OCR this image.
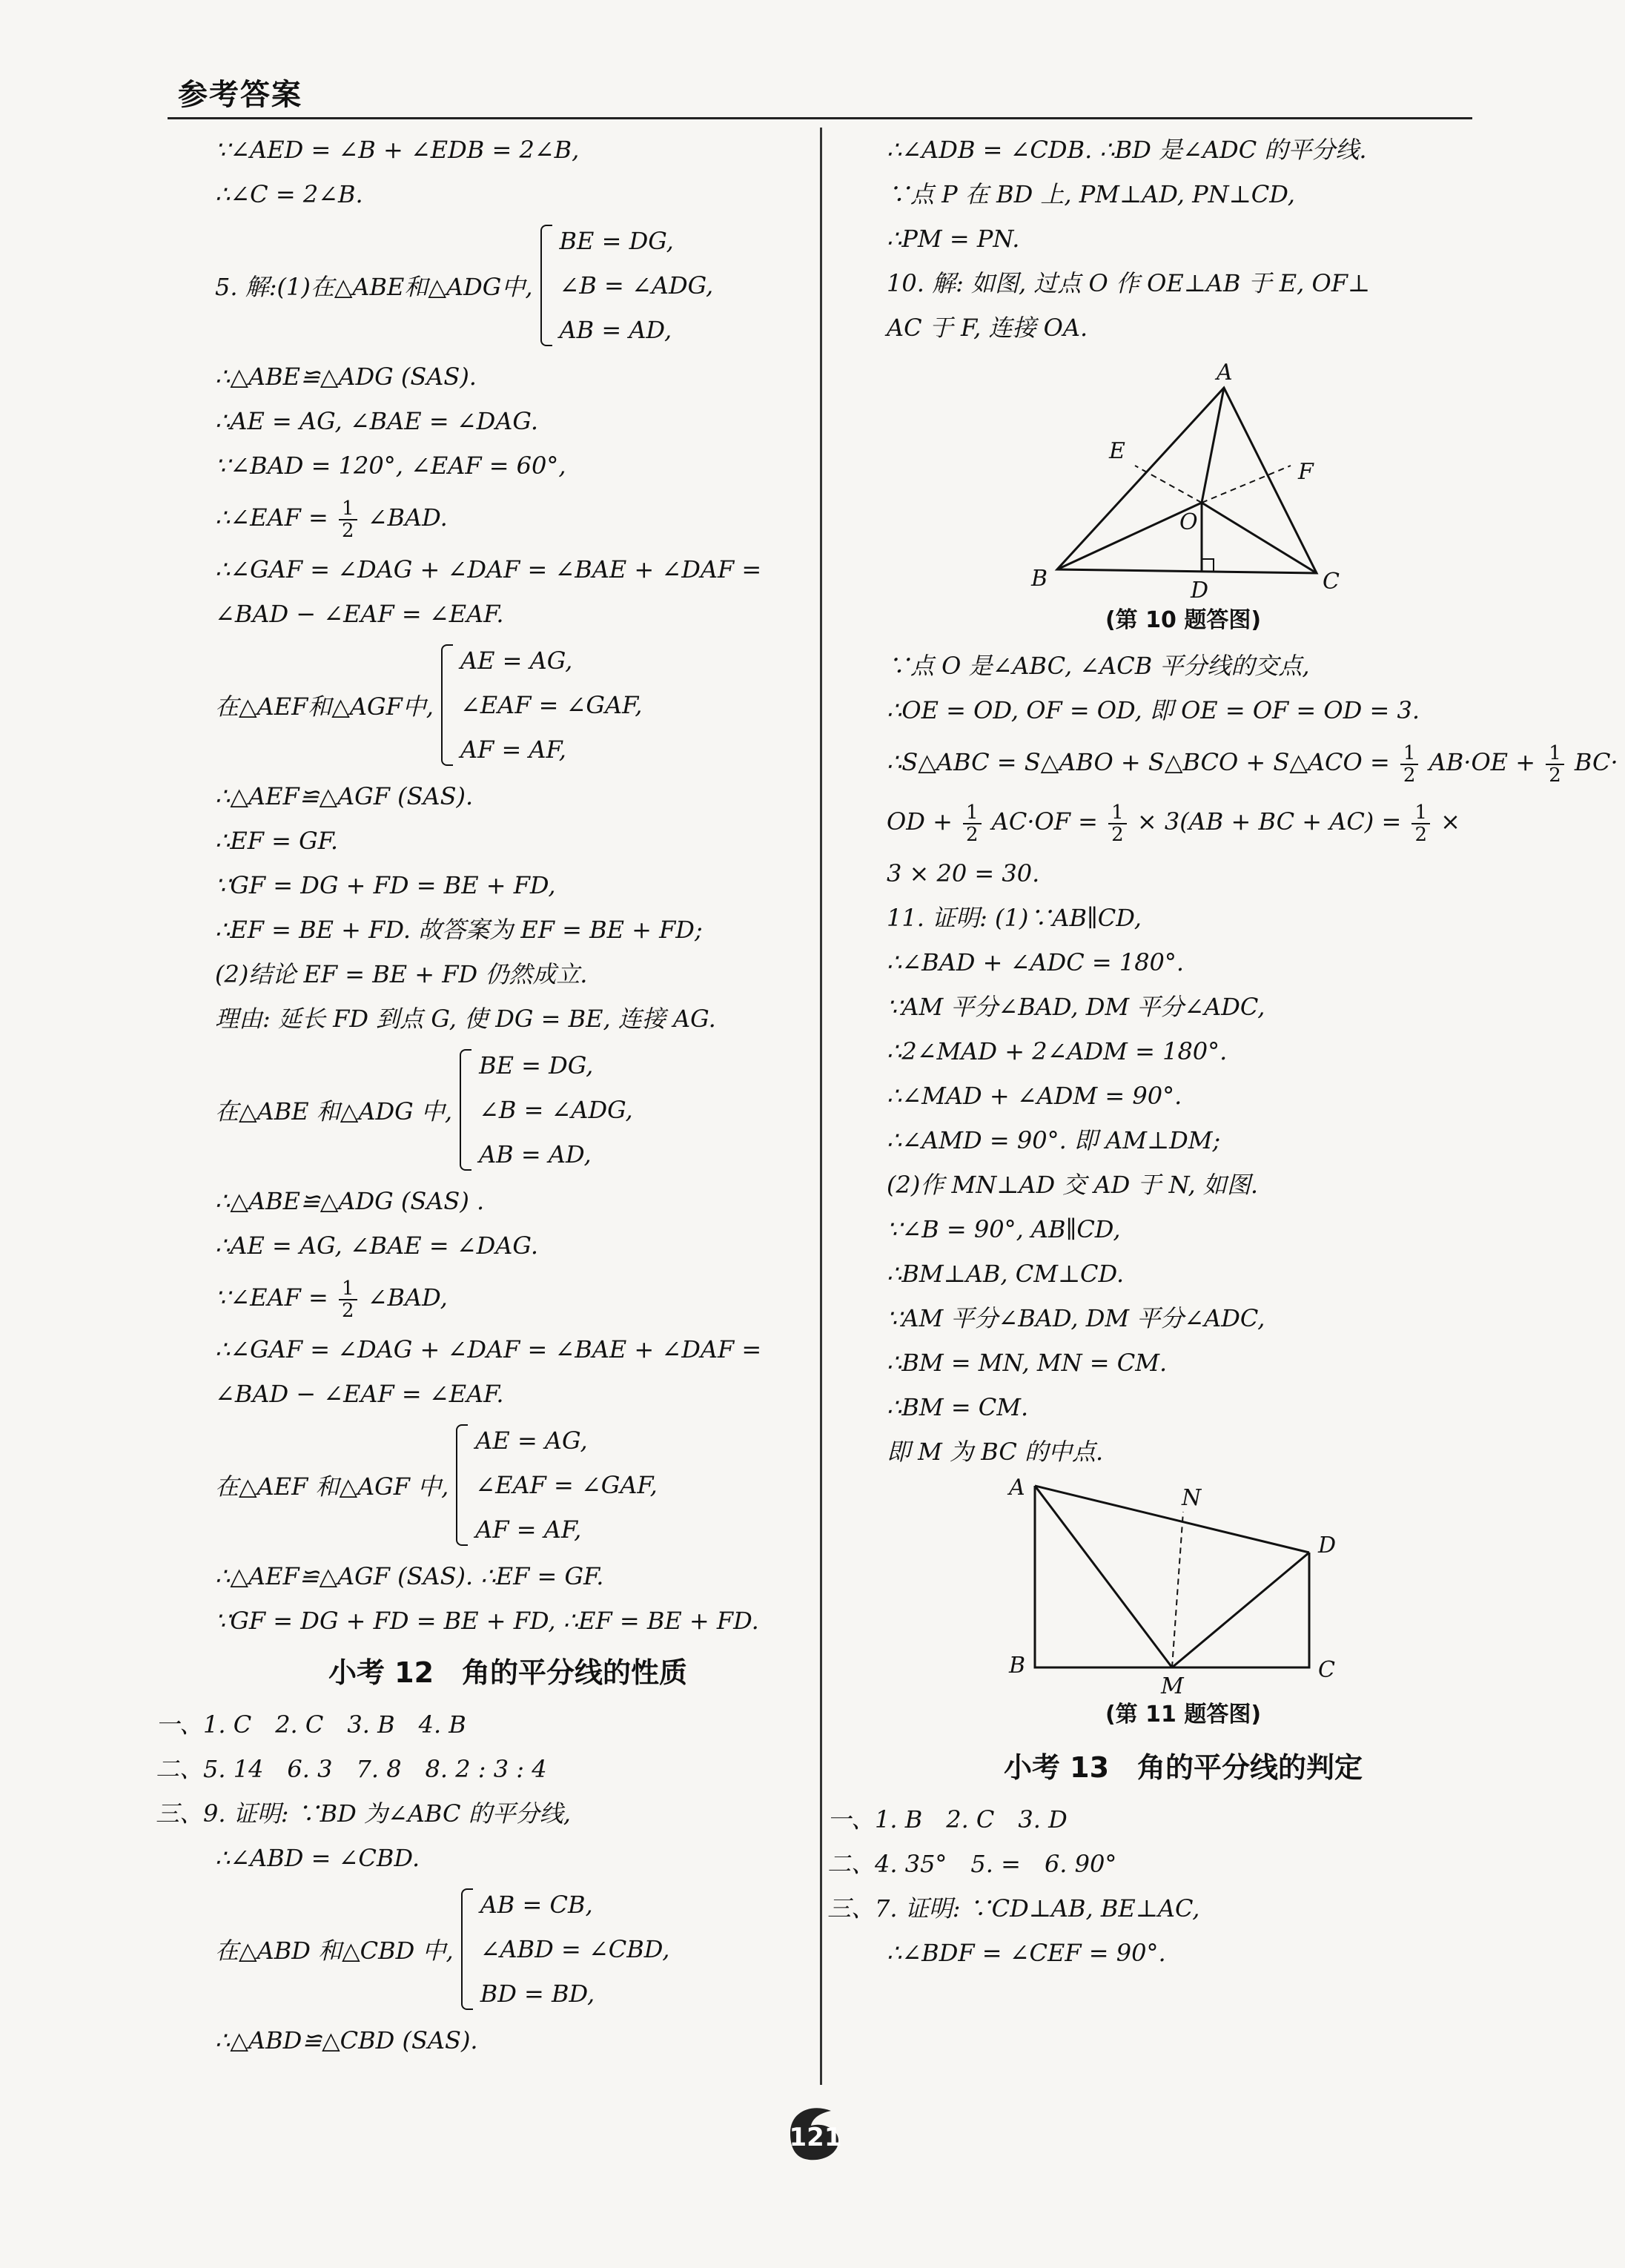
参考答案
∵∠AED = ∠B + ∠EDB = 2∠B,
∴∠C = 2∠B.
5. 解:(1)在△ABE和△ADG中,
BE = DG,
∠B = ∠ADG,
AB = AD,
∴△ABE≌△ADG (SAS).
∴AE = AG, ∠BAE = ∠DAG.
∵∠BAD = 120°, ∠EAF = 60°,
∴∠EAF = $\frac{1}{2}$ ∠BAD.
∴∠GAF = ∠DAG + ∠DAF = ∠BAE + ∠DAF =
∠BAD − ∠EAF = ∠EAF.
在△AEF和△AGF中,
AE = AG,
∠EAF = ∠GAF,
AF = AF,
∴△AEF≌△AGF (SAS).
∴EF = GF.
∵GF = DG + FD = BE + FD,
∴EF = BE + FD. 故答案为 EF = BE + FD;
(2)结论 EF = BE + FD 仍然成立.
理由: 延长 FD 到点 G, 使 DG = BE, 连接 AG.
在△ABE 和△ADG 中,
BE = DG,
∠B = ∠ADG,
AB = AD,
∴△ABE≌△ADG (SAS) .
∴AE = AG, ∠BAE = ∠DAG.
∵∠EAF = $\frac{1}{2}$ ∠BAD,
∴∠GAF = ∠DAG + ∠DAF = ∠BAE + ∠DAF =
∠BAD − ∠EAF = ∠EAF.
在△AEF 和△AGF 中,
AE = AG,
∠EAF = ∠GAF,
AF = AF,
∴△AEF≌△AGF (SAS). ∴EF = GF.
∵GF = DG + FD = BE + FD, ∴EF = BE + FD.
小考 12　角的平分线的性质
一、1. C　2. C　3. B　4. B
二、5. 14　6. 3　7. 8　8. 2 : 3 : 4
三、9. 证明: ∵BD 为∠ABC 的平分线,
∴∠ABD = ∠CBD.
在△ABD 和△CBD 中,
AB = CB,
∠ABD = ∠CBD,
BD = BD,
∴△ABD≌△CBD (SAS).
∴∠ADB = ∠CDB. ∴BD 是∠ADC 的平分线.
∵点 P 在 BD 上, PM⊥AD, PN⊥CD,
∴PM = PN.
10. 解: 如图, 过点 O 作 OE⊥AB 于 E, OF⊥
AC 于 F, 连接 OA.
A
B	C
D
E
F
O
(第 10 题答图)
∵点 O 是∠ABC, ∠ACB 平分线的交点,
∴OE = OD, OF = OD, 即 OE = OF = OD = 3.
∴S△ABC = S△ABO + S△BCO + S△ACO = $\frac{1}{2} AB\cdot OE + \frac{1}{2} BC\cdot$
OD + $\frac{1}{2} AC\cdot OF = \frac{1}{2} \times 3(AB$ + BC + $AC) = \frac{1}{2}$ ×
3 × 20 = 30.
11. 证明: (1)∵AB∥CD,
∴∠BAD + ∠ADC = 180°.
∵AM 平分∠BAD, DM 平分∠ADC,
∴2∠MAD + 2∠ADM = 180°.
∴∠MAD + ∠ADM = 90°.
∴∠AMD = 90°. 即 AM⊥DM;
(2)作 MN⊥AD 交 AD 于 N, 如图.
∵∠B = 90°, AB∥CD,
∴BM⊥AB, CM⊥CD.
∵AM 平分∠BAD, DM 平分∠ADC,
∴BM = MN, MN = CM.
∴BM = CM.
即 M 为 BC 的中点.
A
B	C
D
M
N
(第 11 题答图)
小考 13　角的平分线的判定
一、1. B　2. C　3. D
二、4. 35°　5. =　6. 90°
三、7. 证明: ∵CD⊥AB, BE⊥AC,
∴∠BDF = ∠CEF = 90°.
121
